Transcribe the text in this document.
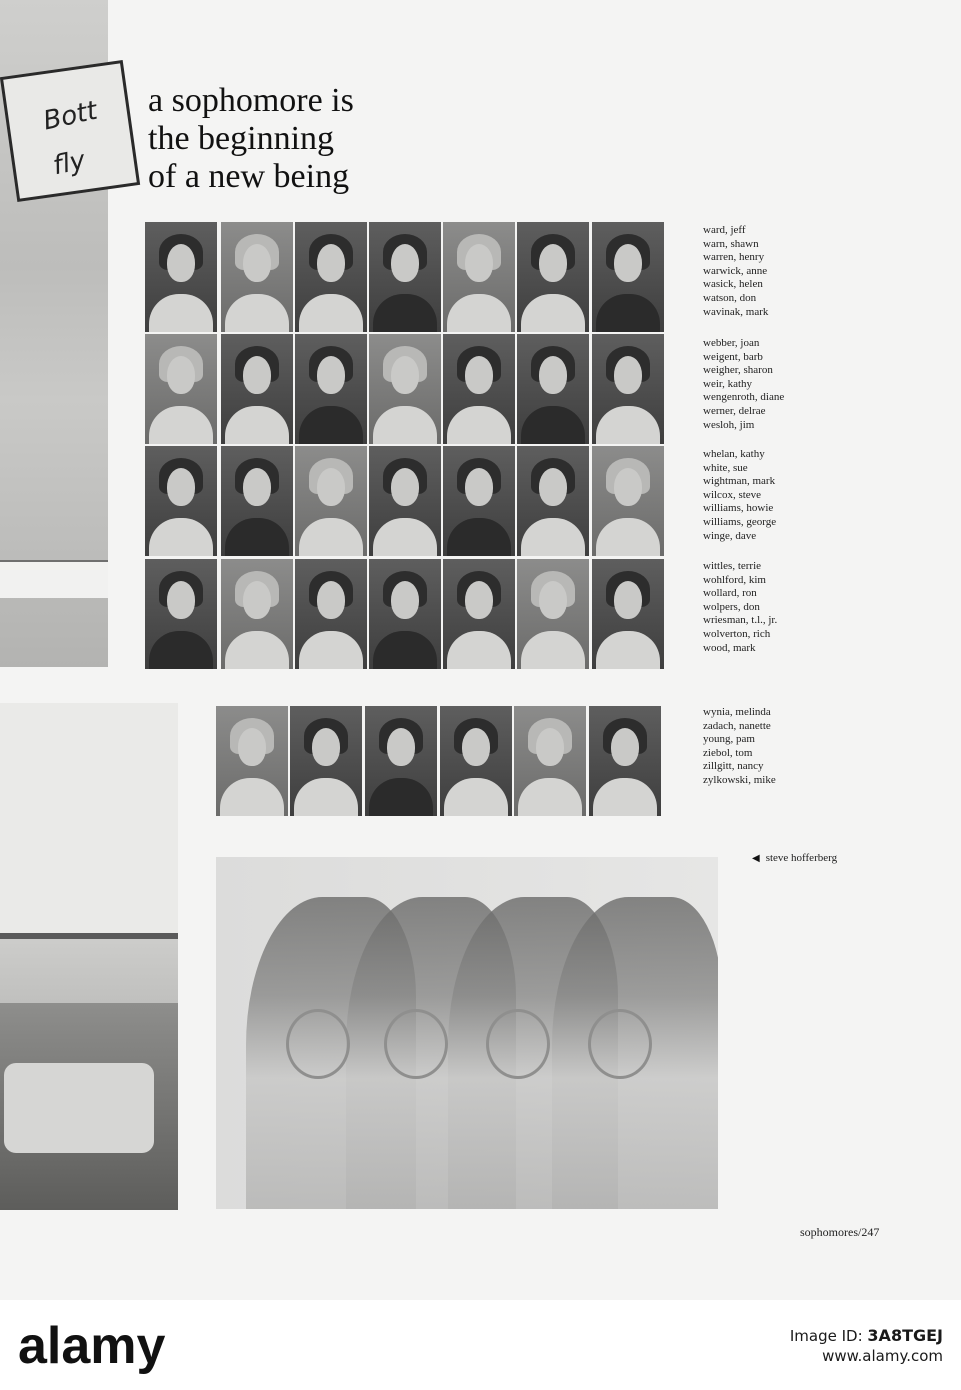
Bott fly
a sophomore is
the beginning
of a new being
ward, jeff
warn, shawn
warren, henry
warwick, anne
wasick, helen
watson, don
wavinak, mark
webber, joan
weigent, barb
weigher, sharon
weir, kathy
wengenroth, diane
werner, delrae
wesloh, jim
whelan, kathy
white, sue
wightman, mark
wilcox, steve
williams, howie
williams, george
winge, dave
wittles, terrie
wohlford, kim
wollard, ron
wolpers, don
wriesman, t.l., jr.
wolverton, rich
wood, mark
wynia, melinda
zadach, nanette
young, pam
ziebol, tom
zillgitt, nancy
zylkowski, mike
◀ steve hofferberg
sophomores/247
alamy	Image ID: 3A8TGEJ
www.alamy.com
